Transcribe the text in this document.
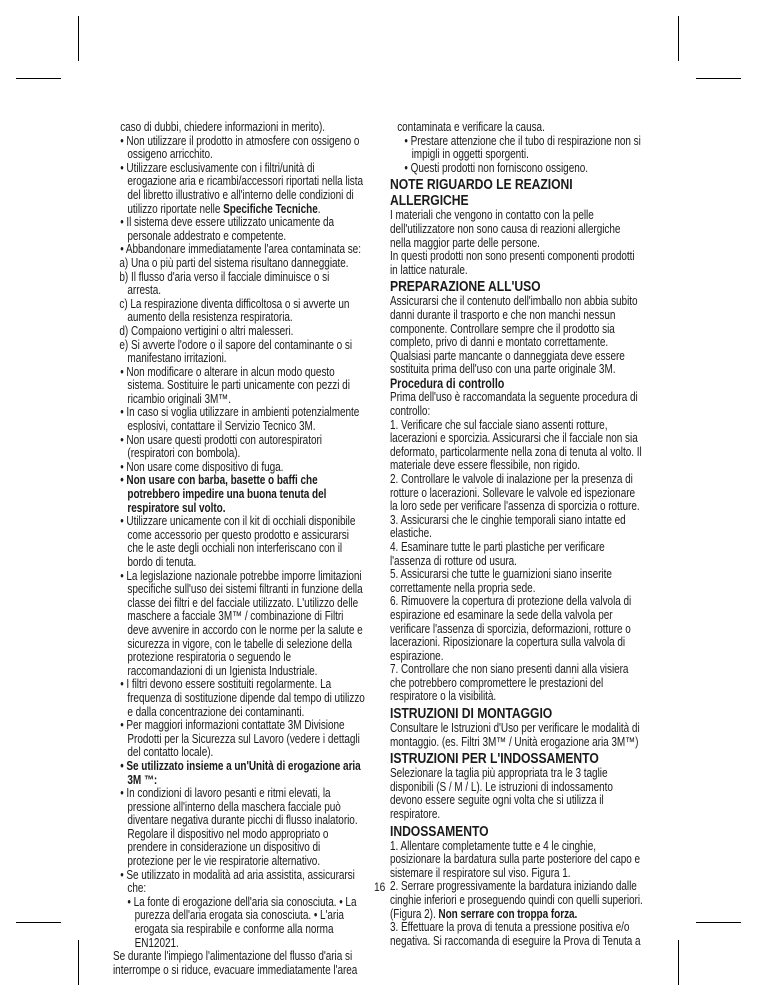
caso di dubbi, chiedere informazioni in merito).

• Non utilizzare il prodotto in atmosfere con ossigeno o ossigeno arricchito.

• Utilizzare esclusivamente con i filtri/unità di erogazione aria e ricambi/accessori riportati nella lista del libretto illustrativo e all'interno delle condizioni di utilizzo riportate nelle Specifiche Tecniche.

• Il sistema deve essere utilizzato unicamente da personale addestrato e competente.

• Abbandonare immediatamente l'area contaminata se:

a) Una o più parti del sistema risultano danneggiate.

b) Il flusso d'aria verso il facciale diminuisce o si arresta.

c) La respirazione diventa difficoltosa o si avverte un aumento della resistenza respiratoria.

d) Compaiono vertigini o altri malesseri.

e) Si avverte l'odore o il sapore del contaminante o si manifestano irritazioni.

• Non modificare o alterare in alcun modo questo sistema. Sostituire le parti unicamente con pezzi di ricambio originali 3M™.

• In caso si voglia utilizzare in ambienti potenzialmente esplosivi, contattare il Servizio Tecnico 3M.

• Non usare questi prodotti con autorespiratori (respiratori con bombola).

• Non usare come dispositivo di fuga.

• Non usare con barba, basette o baffi che potrebbero impedire una buona tenuta del respiratore sul volto.

• Utilizzare unicamente con il kit di occhiali disponibile come accessorio per questo prodotto e assicurarsi che le aste degli occhiali non interferiscano con il bordo di tenuta.

• La legislazione nazionale potrebbe imporre limitazioni specifiche sull'uso dei sistemi filtranti in funzione della classe dei filtri e del facciale utilizzato. L'utilizzo delle maschere a facciale 3M™ / combinazione di Filtri deve avvenire in accordo con le norme per la salute e sicurezza in vigore, con le tabelle di selezione della protezione respiratoria o seguendo le raccomandazioni di un Igienista Industriale.

• I filtri devono essere sostituiti regolarmente. La frequenza di sostituzione dipende dal tempo di utilizzo e dalla concentrazione dei contaminanti.

• Per maggiori informazioni contattate 3M Divisione Prodotti per la Sicurezza sul Lavoro (vedere i dettagli del contatto locale).

• Se utilizzato insieme a un'Unità di erogazione aria 3M ™:

• In condizioni di lavoro pesanti e ritmi elevati, la pressione all'interno della maschera facciale può diventare negativa durante picchi di flusso inalatorio. Regolare il dispositivo nel modo appropriato o prendere in considerazione un dispositivo di protezione per le vie respiratorie alternativo.

• Se utilizzato in modalità ad aria assistita, assicurarsi che:

• La fonte di erogazione dell'aria sia conosciuta. • La purezza dell'aria erogata sia conosciuta. • L'aria erogata sia respirabile e conforme alla norma EN12021.

Se durante l'impiego l'alimentazione del flusso d'aria si interrompe o si riduce, evacuare immediatamente l'area

contaminata e verificare la causa.

• Prestare attenzione che il tubo di respirazione non si impigli in oggetti sporgenti.

• Questi prodotti non forniscono ossigeno.

NOTE RIGUARDO LE REAZIONI ALLERGICHE

I materiali che vengono in contatto con la pelle dell'utilizzatore non sono causa di reazioni allergiche nella maggior parte delle persone.

In questi prodotti non sono presenti componenti prodotti in lattice naturale.

PREPARAZIONE ALL'USO

Assicurarsi che il contenuto dell'imballo non abbia subito danni durante il trasporto e che non manchi nessun componente. Controllare sempre che il prodotto sia completo, privo di danni e montato correttamente. Qualsiasi parte mancante o danneggiata deve essere sostituita prima dell'uso con una parte originale 3M.

Procedura di controllo

Prima dell'uso è raccomandata la seguente procedura di controllo:

1. Verificare che sul facciale siano assenti rotture, lacerazioni e sporcizia. Assicurarsi che il facciale non sia deformato, particolarmente nella zona di tenuta al volto. Il materiale deve essere flessibile, non rigido.

2. Controllare le valvole di inalazione per la presenza di rotture o lacerazioni. Sollevare le valvole ed ispezionare la loro sede per verificare l'assenza di sporcizia o rotture.

3. Assicurarsi che le cinghie temporali siano intatte ed elastiche.

4. Esaminare tutte le parti plastiche per verificare l'assenza di rotture od usura.

5. Assicurarsi che tutte le guarnizioni siano inserite correttamente nella propria sede.

6. Rimuovere la copertura di protezione della valvola di espirazione ed esaminare la sede della valvola per verificare l'assenza di sporcizia, deformazioni, rotture o lacerazioni. Riposizionare la copertura sulla valvola di espirazione.

7. Controllare che non siano presenti danni alla visiera che potrebbero compromettere le prestazioni del respiratore o la visibilità.

ISTRUZIONI DI MONTAGGIO

Consultare le Istruzioni d'Uso per verificare le modalità di montaggio. (es. Filtri 3M™ / Unità erogazione aria 3M™)

ISTRUZIONI PER L'INDOSSAMENTO

Selezionare la taglia più appropriata tra le 3 taglie disponibili (S / M / L). Le istruzioni di indossamento devono essere seguite ogni volta che si utilizza il respiratore.

INDOSSAMENTO

1. Allentare completamente tutte e 4 le cinghie, posizionare la bardatura sulla parte posteriore del capo e sistemare il respiratore sul viso. Figura 1.

2. Serrare progressivamente la bardatura iniziando dalle cinghie inferiori e proseguendo quindi con quelli superiori. (Figura 2). Non serrare con troppa forza.

3. Effettuare la prova di tenuta a pressione positiva e/o negativa. Si raccomanda di eseguire la Prova di Tenuta a

16
